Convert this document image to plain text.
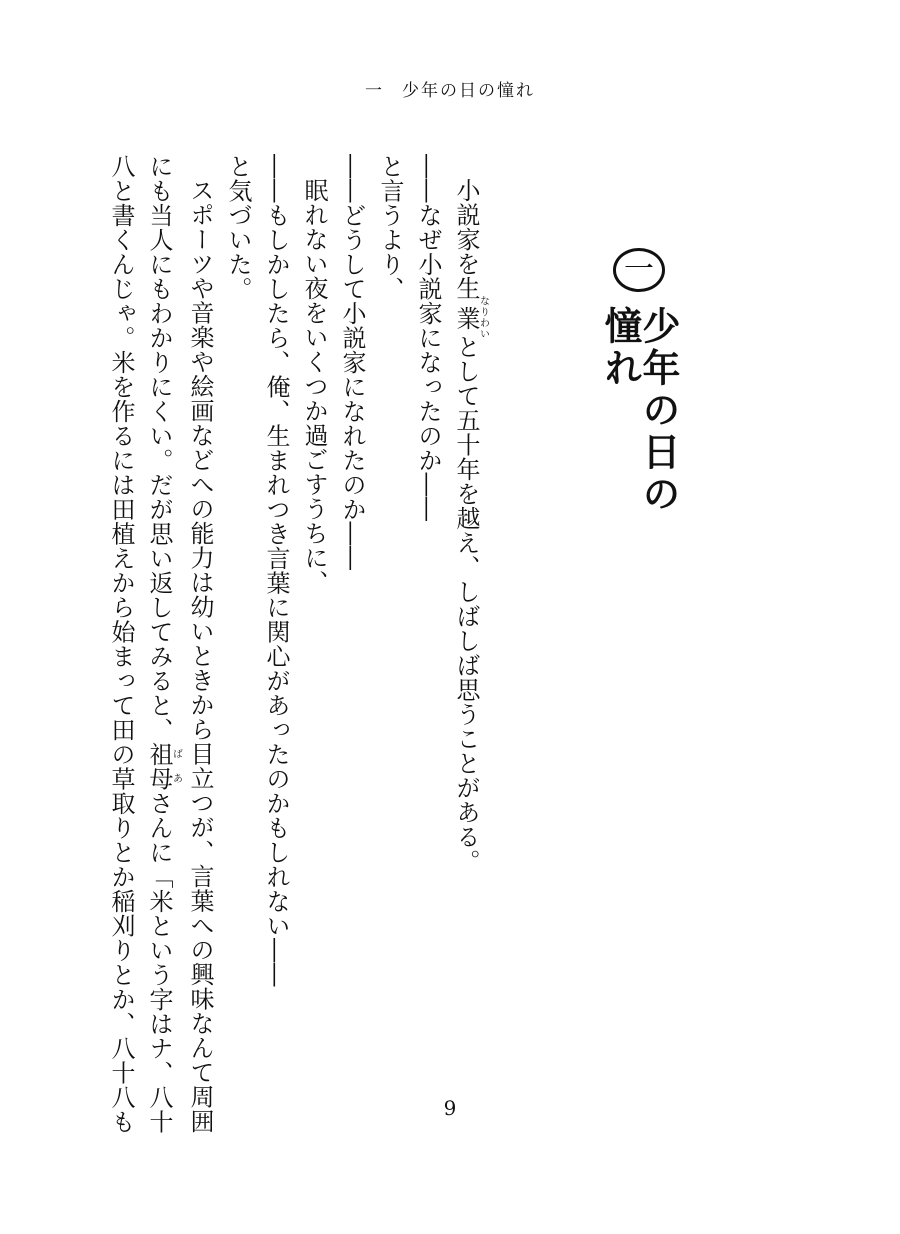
一 少年の日の憧れ
一
少年の日の憧れ
小説家を生業なりわいとして五十年を越え、しばしば思うことがある。
――なぜ小説家になったのか――
と言うより、
――どうして小説家になれたのか――
眠れない夜をいくつか過ごすうちに、
――もしかしたら、俺、生まれつき言葉に関心があったのかもしれない――
と気づいた。
スポーツや音楽や絵画などへの能力は幼いときから目立つが、言葉への興味なんて周囲
にも当人にもわかりにくい。だが思い返してみると、祖母ばあさんに「米という字はナ、八十
八と書くんじゃ。米を作るには田植えから始まって田の草取りとか稲刈りとか、八十八も	9
